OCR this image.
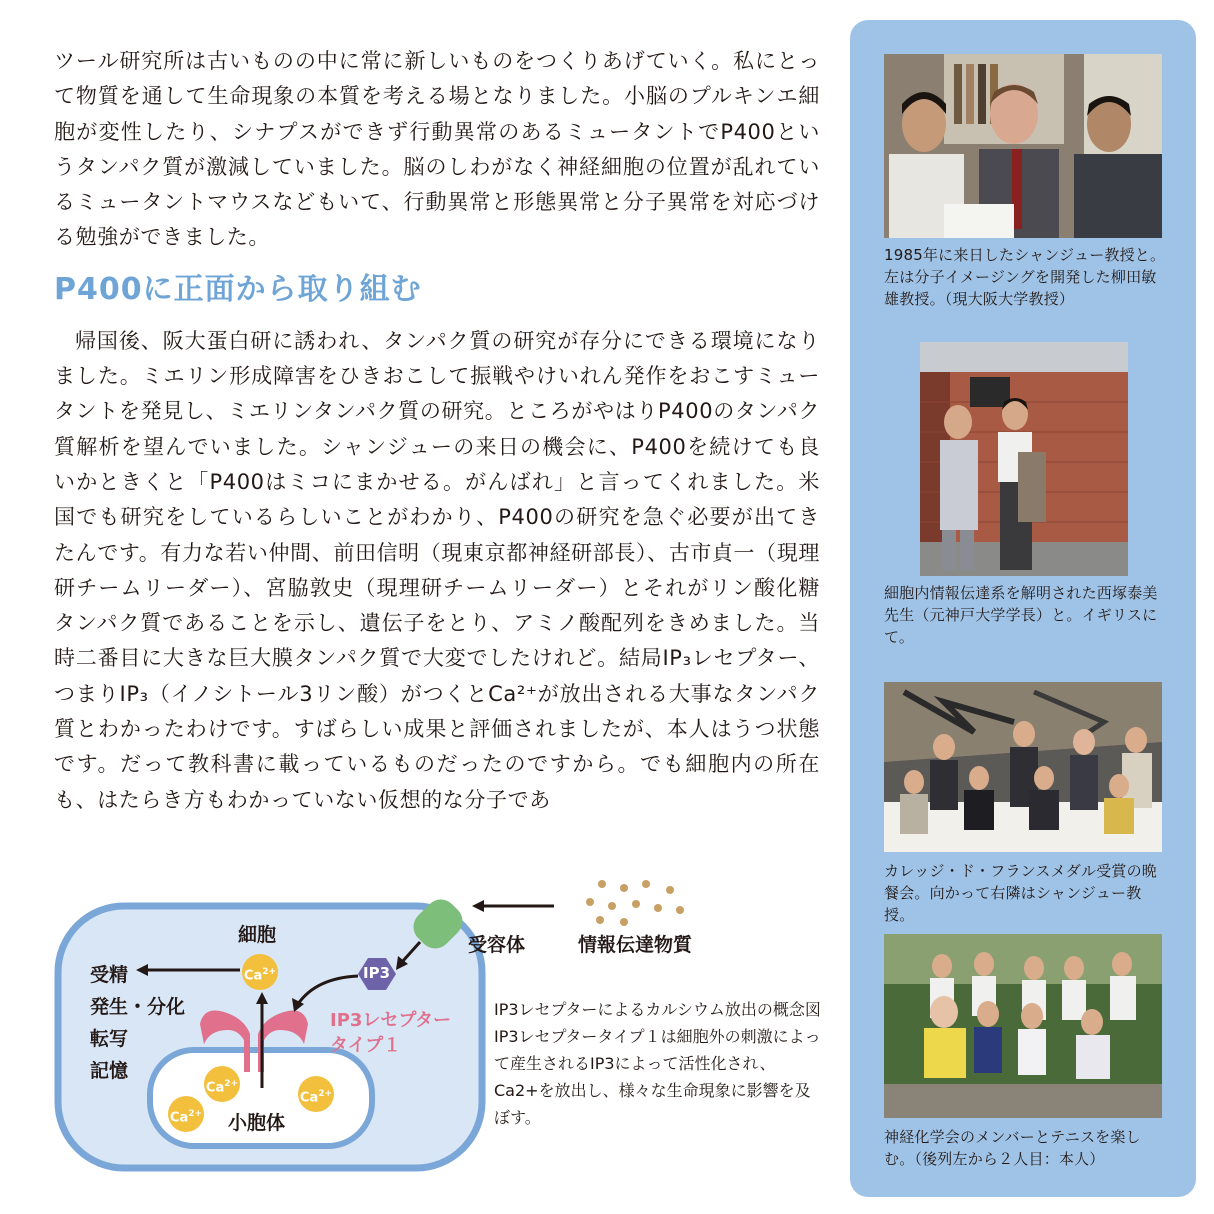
ツール研究所は古いものの中に常に新しいものをつくりあげていく。私にとって物質を通して生命現象の本質を考える場となりました。小脳のプルキンエ細胞が変性したり、シナプスができず行動異常のあるミュータントでP400というタンパク質が激減していました。脳のしわがなく神経細胞の位置が乱れているミュータントマウスなどもいて、行動異常と形態異常と分子異常を対応づける勉強ができました。

P400に正面から取り組む

帰国後、阪大蛋白研に誘われ、タンパク質の研究が存分にできる環境になりました。ミエリン形成障害をひきおこして振戦やけいれん発作をおこすミュータントを発見し、ミエリンタンパク質の研究。ところがやはりP400のタンパク質解析を望んでいました。シャンジューの来日の機会に、P400を続けても良いかときくと「P400はミコにまかせる。がんばれ」と言ってくれました。米国でも研究をしているらしいことがわかり、P400の研究を急ぐ必要が出てきたんです。有力な若い仲間、前田信明（現東京都神経研部長）、古市貞一（現理研チームリーダー）、宮脇敦史（現理研チームリーダー）とそれがリン酸化糖タンパク質であることを示し、遺伝子をとり、アミノ酸配列をきめました。当時二番目に大きな巨大膜タンパク質で大変でしたけれど。結局IP₃レセプター、つまりIP₃（イノシトール3リン酸）がつくとCa²⁺が放出される大事なタンパク質とわかったわけです。すばらしい成果と評価されましたが、本人はうつ状態です。だって教科書に載っているものだったのですから。でも細胞内の所在も、はたらき方もわかっていない仮想的な分子であ

1985年に来日したシャンジュー教授と。左は分子イメージングを開発した柳田敏雄教授。（現大阪大学教授）
細胞内情報伝達系を解明された西塚泰美先生（元神戸大学学長）と。イギリスにて。
カレッジ・ド・フランスメダル受賞の晩餐会。向かって右隣はシャンジュー教授。
神経化学会のメンバーとテニスを楽しむ。（後列左から２人目：本人）
細胞
受精
発生・分化
転写
記憶
$Ca^{2+}$
$Ca^{2+}$
$Ca^{2+}$
$Ca^{2+}$
IP3
IP3レセプター
タイプ１
小胞体
受容体	情報伝達物質
IP3レセプターによるカルシウム放出の概念図
IP3レセプタータイプ１は細胞外の刺激によって産生されるIP3によって活性化され、Ca2+を放出し、様々な生命現象に影響を及ぼす。
